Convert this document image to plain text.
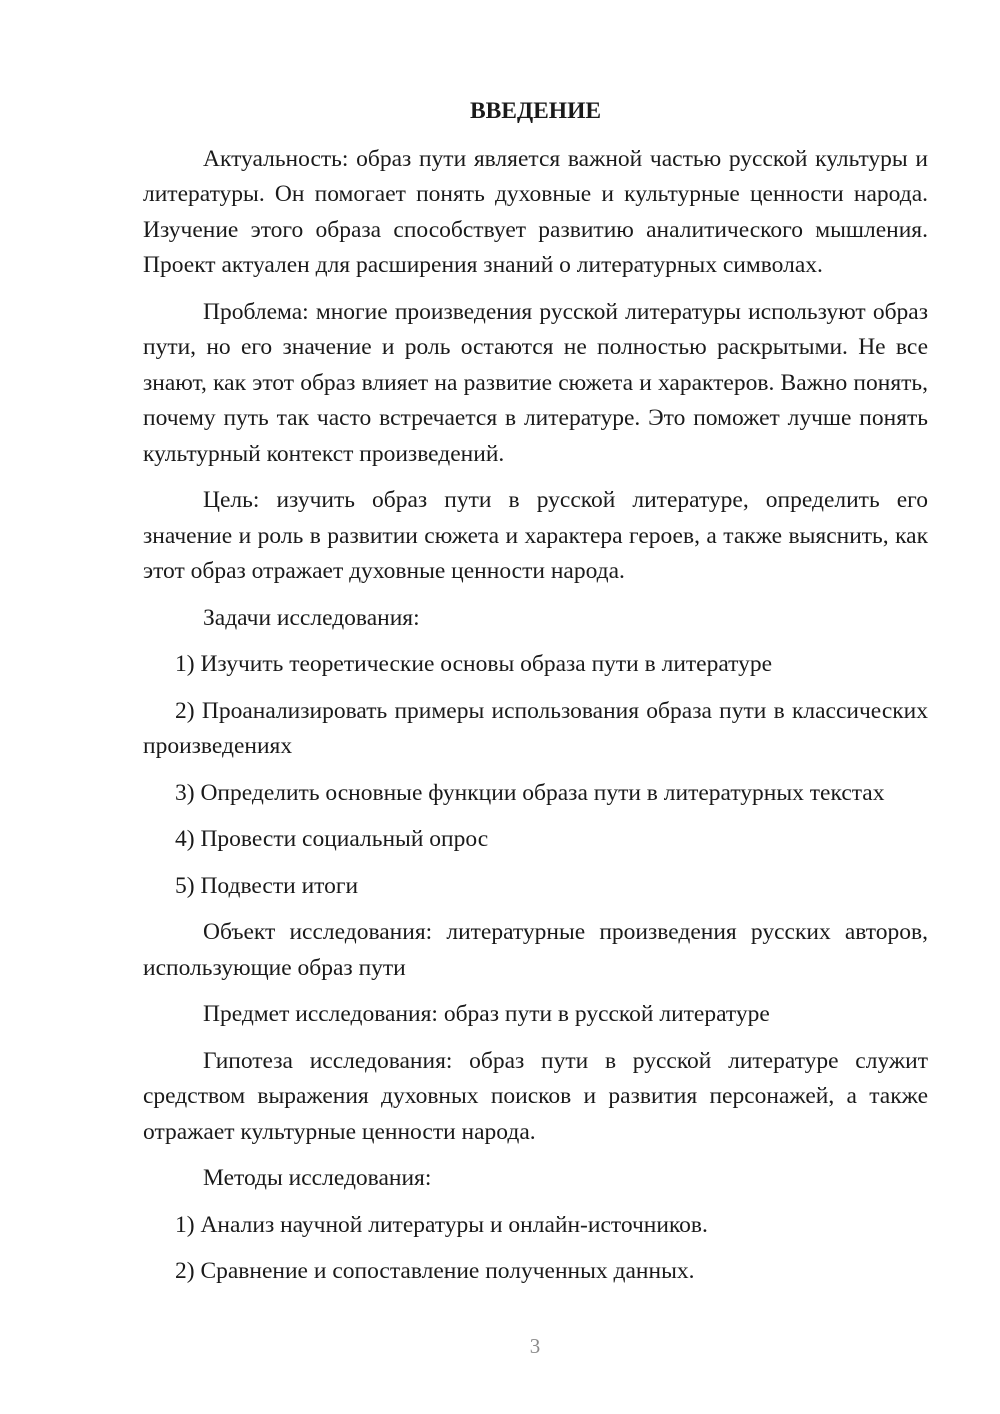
ВВЕДЕНИЕ

Актуальность: образ пути является важной частью русской культуры и литературы. Он помогает понять духовные и культурные ценности народа. Изучение этого образа способствует развитию аналитического мышления. Проект актуален для расширения знаний о литературных символах.

Проблема: многие произведения русской литературы используют образ пути, но его значение и роль остаются не полностью раскрытыми. Не все знают, как этот образ влияет на развитие сюжета и характеров. Важно понять, почему путь так часто встречается в литературе. Это поможет лучше понять культурный контекст произведений.

Цель: изучить образ пути в русской литературе, определить его значение и роль в развитии сюжета и характера героев, а также выяснить, как этот образ отражает духовные ценности народа.

Задачи исследования:

1) Изучить теоретические основы образа пути в литературе

2) Проанализировать примеры использования образа пути в классических произведениях

3) Определить основные функции образа пути в литературных текстах

4) Провести социальный опрос

5) Подвести итоги

Объект исследования: литературные произведения русских авторов, использующие образ пути

Предмет исследования: образ пути в русской литературе

Гипотеза исследования: образ пути в русской литературе служит средством выражения духовных поисков и развития персонажей, а также отражает культурные ценности народа.

Методы исследования:

1) Анализ научной литературы и онлайн-источников.

2) Сравнение и сопоставление полученных данных.

3
